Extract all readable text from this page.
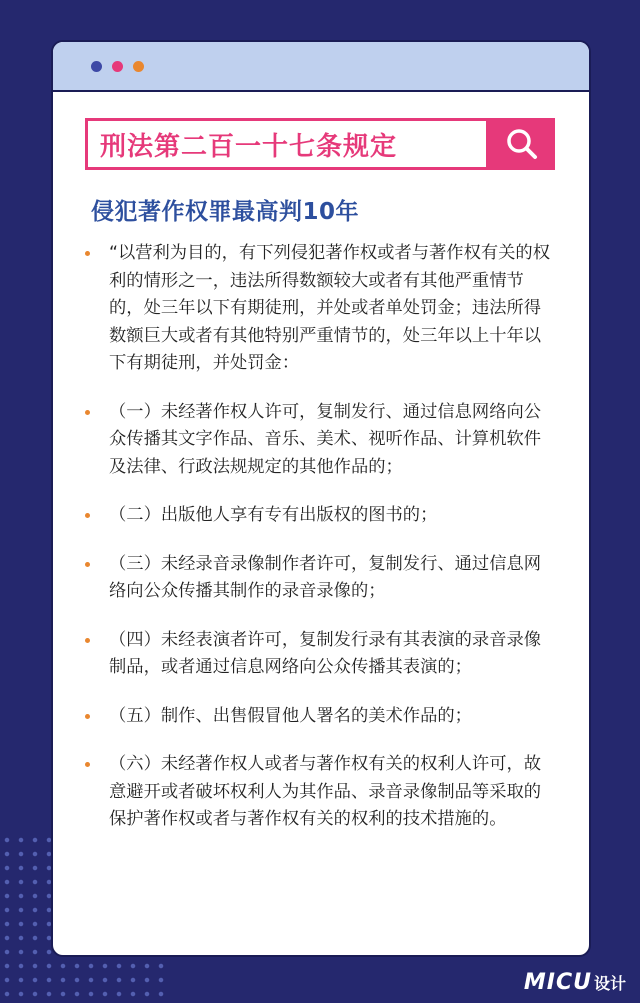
刑法第二百一十七条规定
侵犯著作权罪最高判10年
“以营利为目的，有下列侵犯著作权或者与著作权有关的权利的情形之一，违法所得数额较大或者有其他严重情节的，处三年以下有期徒刑，并处或者单处罚金；违法所得数额巨大或者有其他特别严重情节的，处三年以上十年以下有期徒刑，并处罚金：
（一）未经著作权人许可，复制发行、通过信息网络向公众传播其文字作品、音乐、美术、视听作品、计算机软件及法律、行政法规规定的其他作品的；
（二）出版他人享有专有出版权的图书的；
（三）未经录音录像制作者许可，复制发行、通过信息网络向公众传播其制作的录音录像的；
（四）未经表演者许可，复制发行录有其表演的录音录像制品，或者通过信息网络向公众传播其表演的；
（五）制作、出售假冒他人署名的美术作品的；
（六）未经著作权人或者与著作权有关的权利人许可，故意避开或者破坏权利人为其作品、录音录像制品等采取的保护著作权或者与著作权有关的权利的技术措施的。
MICU 设计
